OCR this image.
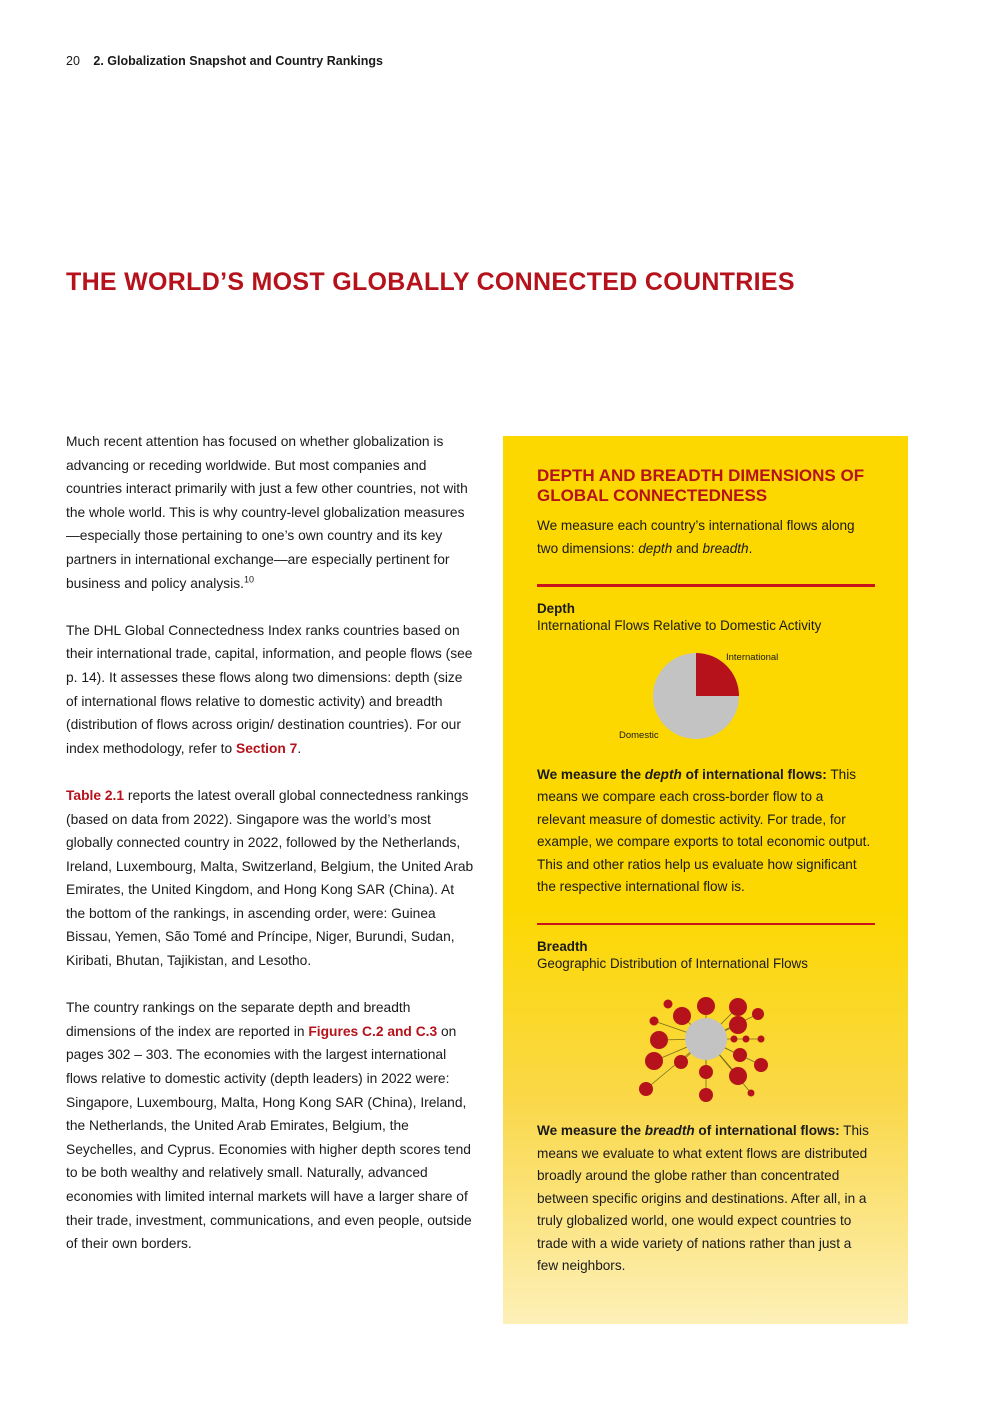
20 2. Globalization Snapshot and Country Rankings
THE WORLD’S MOST GLOBALLY CONNECTED COUNTRIES

Much recent attention has focused on whether globalization is advancing or receding worldwide. But most companies and countries interact primarily with just a few other countries, not with the whole world. This is why country-level globalization measures—especially those pertaining to one’s own country and its key partners in international exchange—are especially pertinent for business and policy analysis.$^{10}$

The DHL Global Connectedness Index ranks countries based on their international trade, capital, information, and people flows (see p. 14). It assesses these flows along two dimensions: depth (size of international flows relative to domestic activity) and breadth (distribution of flows across origin/ destination countries). For our index methodology, refer to Section 7.

Table 2.1 reports the latest overall global connectedness rankings (based on data from 2022). Singapore was the world’s most globally connected country in 2022, followed by the Netherlands, Ireland, Luxembourg, Malta, Switzerland, Belgium, the United Arab Emirates, the United Kingdom, and Hong Kong SAR (China). At the bottom of the rankings, in ascending order, were: Guinea Bissau, Yemen, São Tomé and Príncipe, Niger, Burundi, Sudan, Kiribati, Bhutan, Tajikistan, and Lesotho.

The country rankings on the separate depth and breadth dimensions of the index are reported in Figures C.2 and C.3 on pages 302 – 303. The economies with the largest international flows relative to domestic activity (depth leaders) in 2022 were: Singapore, Luxembourg, Malta, Hong Kong SAR (China), Ireland, the Netherlands, the United Arab Emirates, Belgium, the Seychelles, and Cyprus. Economies with higher depth scores tend to be both wealthy and relatively small. Naturally, advanced economies with limited internal markets will have a larger share of their trade, investment, communications, and even people, outside of their own borders.

DEPTH AND BREADTH DIMENSIONS OF GLOBAL CONNECTEDNESS
We measure each country’s international flows along two dimensions: depth and breadth.
Depth
International Flows Relative to Domestic Activity
International
Domestic
We measure the depth of international flows: This means we compare each cross-border flow to a relevant measure of domestic activity. For trade, for example, we compare exports to total economic output. This and other ratios help us evaluate how significant the respective international flow is.
Breadth
Geographic Distribution of International Flows
We measure the breadth of international flows: This means we evaluate to what extent flows are distributed broadly around the globe rather than concentrated between specific origins and destinations. After all, in a truly globalized world, one would expect countries to trade with a wide variety of nations rather than just a few neighbors.
